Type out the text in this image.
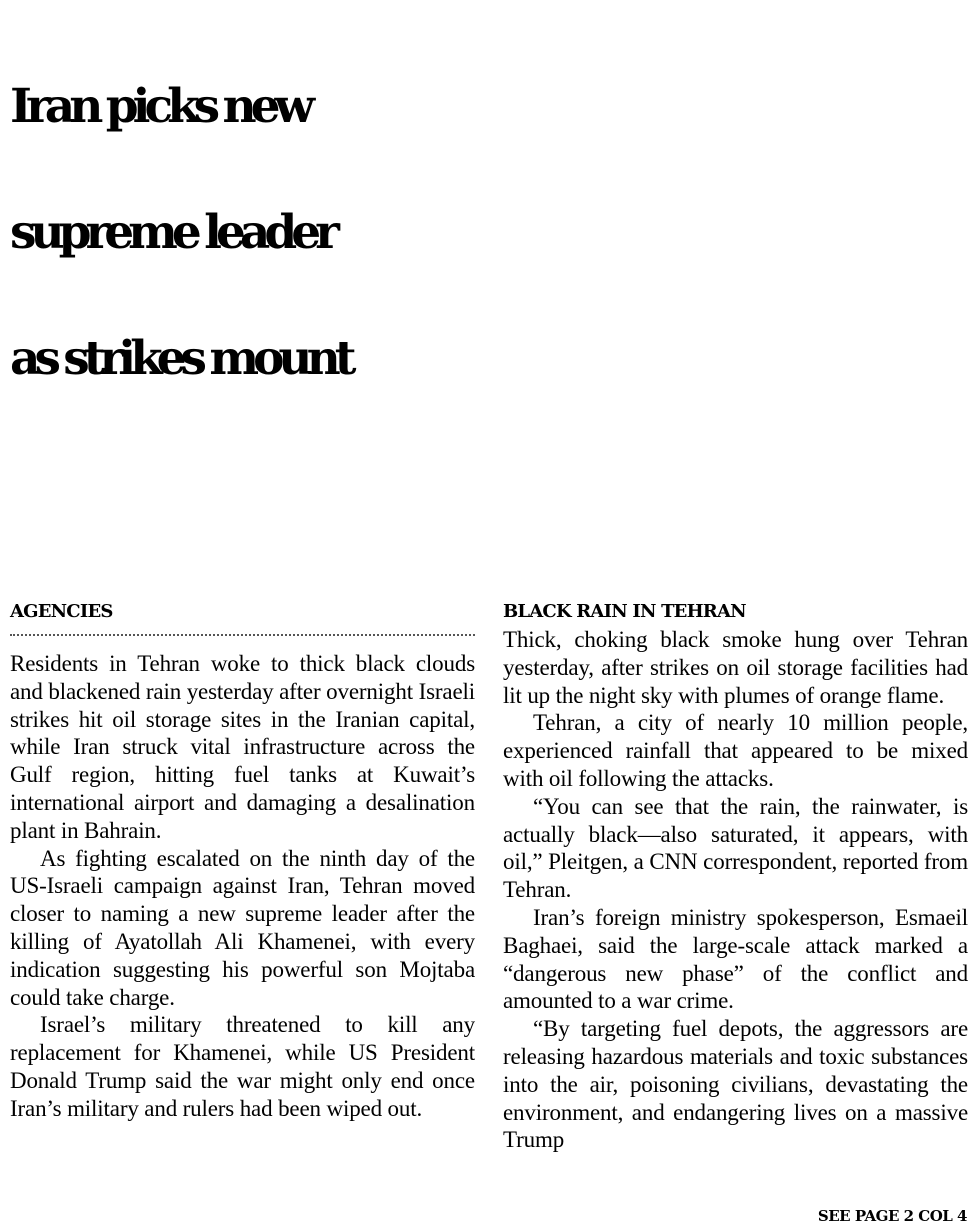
Iran picks new
supreme leader
as strikes mount
AGENCIES

Residents in Tehran woke to thick black clouds and blackened rain yesterday after overnight Israeli strikes hit oil storage sites in the Iranian capital, while Iran struck vital infrastructure across the Gulf region, hitting fuel tanks at Kuwait’s international airport and damaging a desalination plant in Bahrain.

As fighting escalated on the ninth day of the US-Israeli campaign against Iran, Tehran moved closer to naming a new supreme leader after the killing of Ayatollah Ali Khamenei, with every indication suggesting his powerful son Mojtaba could take charge.

Israel’s military threatened to kill any replacement for Khamenei, while US President Donald Trump said the war might only end once Iran’s military and rulers had been wiped out.

BLACK RAIN IN TEHRAN

Thick, choking black smoke hung over Tehran yesterday, after strikes on oil storage facilities had lit up the night sky with plumes of orange flame.

Tehran, a city of nearly 10 million people, experienced rainfall that appeared to be mixed with oil following the attacks.

“You can see that the rain, the rainwater, is actually black—also saturated, it appears, with oil,” Pleitgen, a CNN correspondent, reported from Tehran.

Iran’s foreign ministry spokesperson, Esmaeil Baghaei, said the large-scale attack marked a “dangerous new phase” of the conflict and amounted to a war crime.

“By targeting fuel depots, the aggressors are releasing hazardous materials and toxic substances into the air, poisoning civilians, devastating the environment, and endangering lives on a massive Trump

SEE PAGE 2 COL 4
